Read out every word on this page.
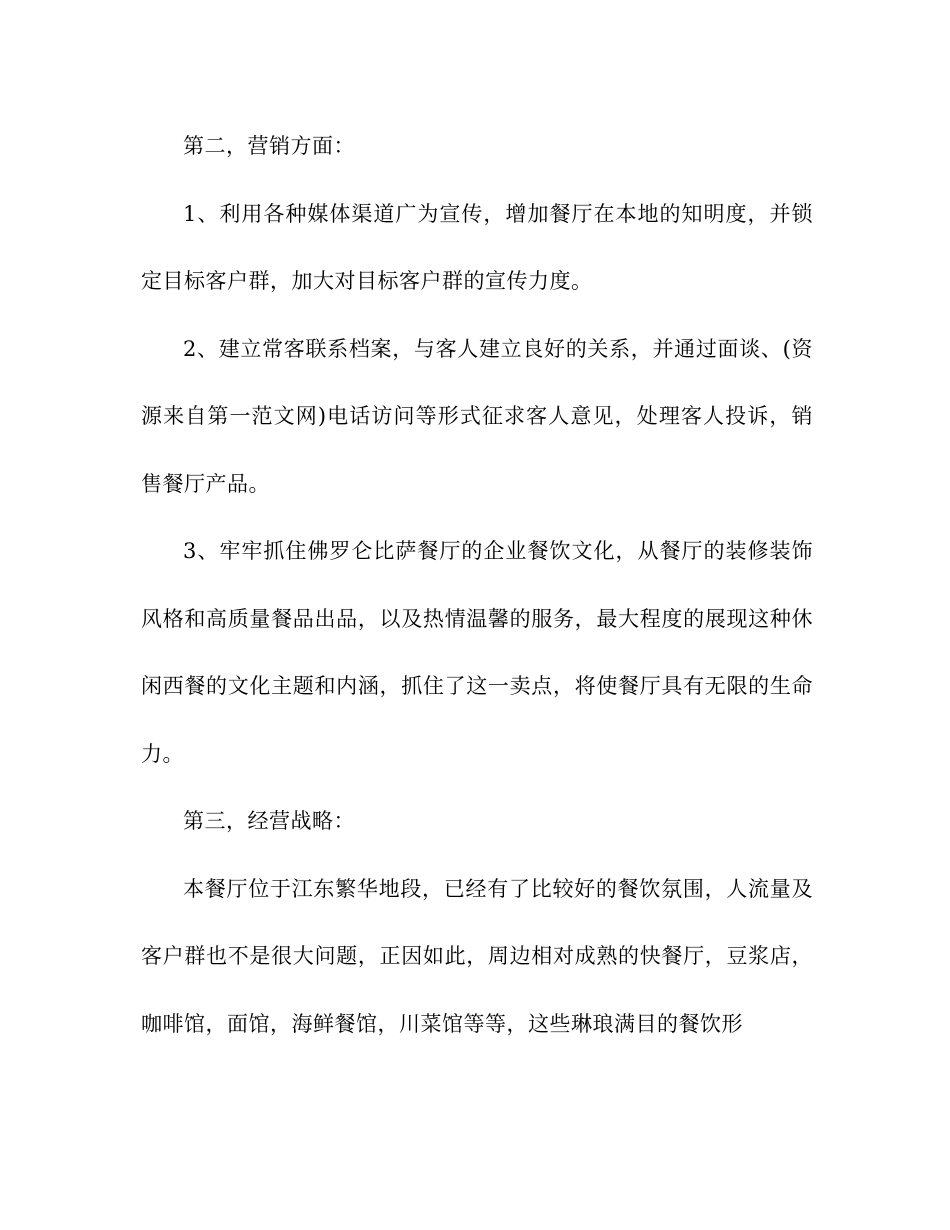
第二，营销方面：

1、利用各种媒体渠道广为宣传，增加餐厅在本地的知明度，并锁定目标客户群，加大对目标客户群的宣传力度。

2、建立常客联系档案，与客人建立良好的关系，并通过面谈、(资源来自第一范文网)电话访问等形式征求客人意见，处理客人投诉，销售餐厅产品。

3、牢牢抓住佛罗仑比萨餐厅的企业餐饮文化，从餐厅的装修装饰风格和高质量餐品出品，以及热情温馨的服务，最大程度的展现这种休闲西餐的文化主题和内涵，抓住了这一卖点，将使餐厅具有无限的生命力。

第三，经营战略：

本餐厅位于江东繁华地段，已经有了比较好的餐饮氛围，人流量及客户群也不是很大问题，正因如此，周边相对成熟的快餐厅，豆浆店，咖啡馆，面馆，海鲜餐馆，川菜馆等等，这些琳琅满目的餐饮形
